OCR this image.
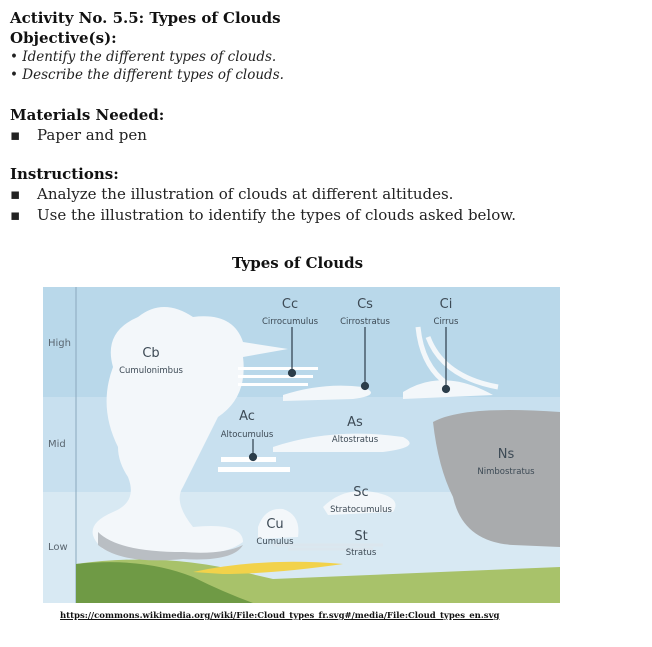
Activity No. 5.5: Types of Clouds
Objective(s):
• Identify the different types of clouds.
• Describe the different types of clouds.
Materials Needed:
▪ Paper and pen
Instructions:
▪ Analyze the illustration of clouds at different altitudes.
▪ Use the illustration to identify the types of clouds asked below.
Types of Clouds
High
Mid
Low
Cc
Cirrocumulus
Cs
Cirrostratus
Ci
Cirrus
Cb
Cumulonimbus
Ac
Altocumulus
As
Altostratus
Ns
Nimbostratus
Sc
Stratocumulus
Cu
Cumulus	St
Stratus
https://commons.wikimedia.org/wiki/File:Cloud_types_fr.svg#/media/File:Cloud_types_en.svg
